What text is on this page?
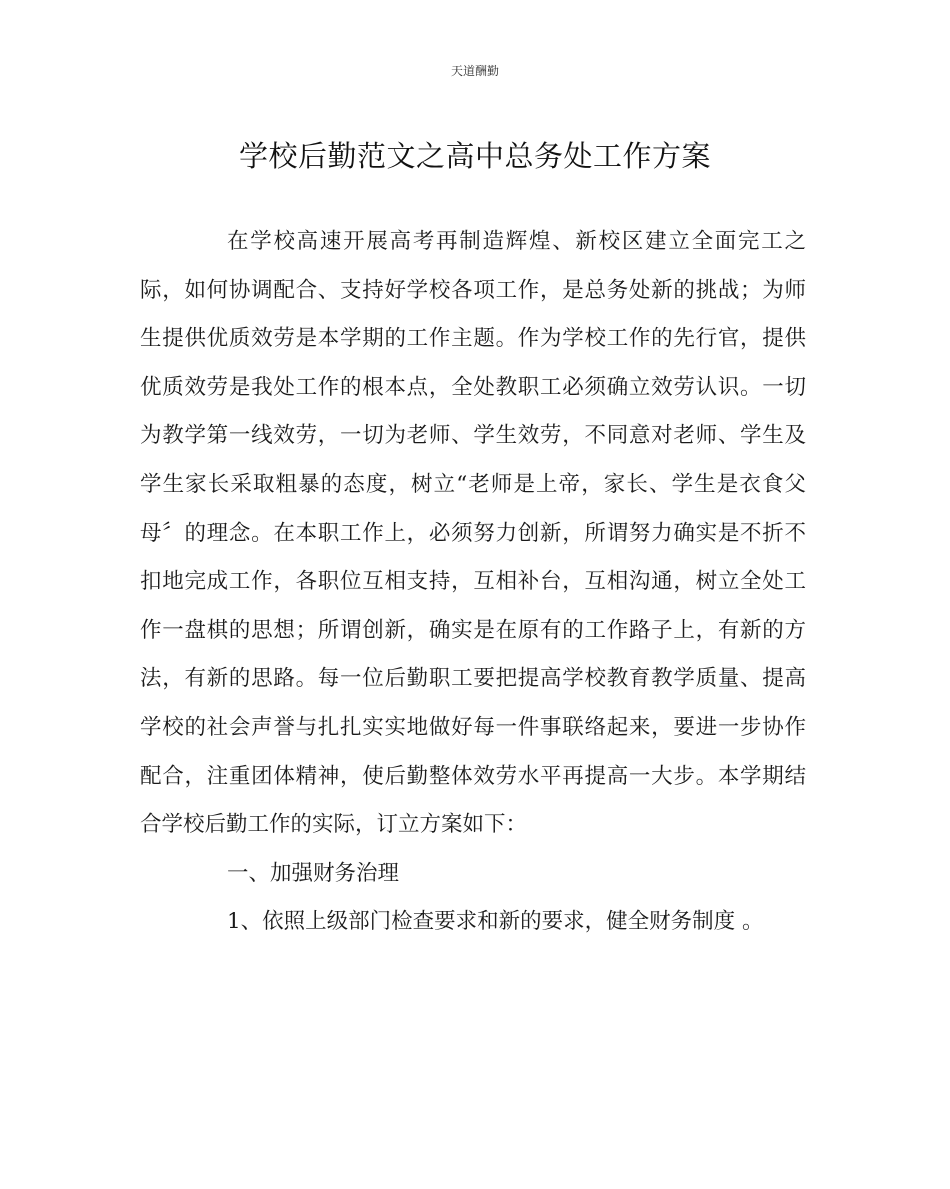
天道酬勤
学校后勤范文之高中总务处工作方案

在学校高速开展高考再制造辉煌、新校区建立全面完工之际，如何协调配合、支持好学校各项工作，是总务处新的挑战；为师生提供优质效劳是本学期的工作主题。作为学校工作的先行官，提供优质效劳是我处工作的根本点，全处教职工必须确立效劳认识。一切为教学第一线效劳，一切为老师、学生效劳，不同意对老师、学生及学生家长采取粗暴的态度，树立“老师是上帝，家长、学生是衣食父母〞的理念。在本职工作上，必须努力创新，所谓努力确实是不折不扣地完成工作，各职位互相支持，互相补台，互相沟通，树立全处工作一盘棋的思想；所谓创新，确实是在原有的工作路子上，有新的方法，有新的思路。每一位后勤职工要把提高学校教育教学质量、提高学校的社会声誉与扎扎实实地做好每一件事联络起来，要进一步协作配合，注重团体精神，使后勤整体效劳水平再提高一大步。本学期结合学校后勤工作的实际，订立方案如下：

一、加强财务治理

1、依照上级部门检查要求和新的要求，健全财务制度 。
